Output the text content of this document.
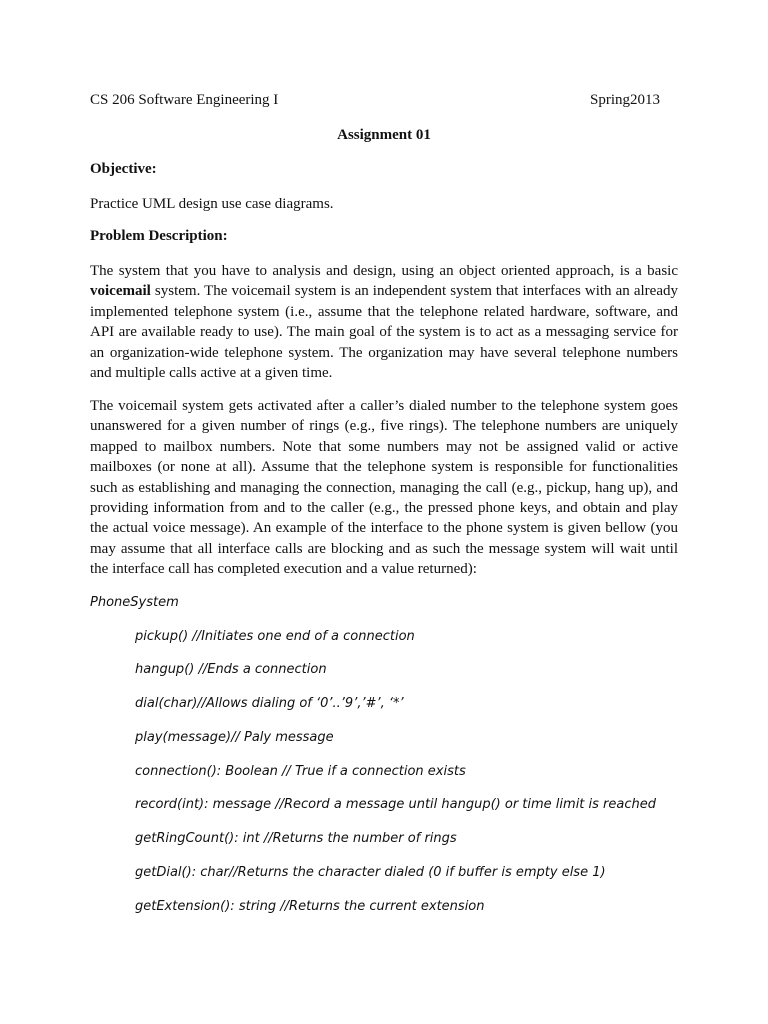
CS 206 Software Engineering I	Spring2013
Assignment 01
Objective:
Practice UML design use case diagrams.
Problem Description:
The system that you have to analysis and design, using an object oriented approach, is a basic
voicemail system. The voicemail system is an independent system that interfaces with an already
implemented telephone system (i.e., assume that the telephone related hardware, software, and
API are available ready to use). The main goal of the system is to act as a messaging service for
an organization-wide telephone system. The organization may have several telephone numbers
and multiple calls active at a given time.
The voicemail system gets activated after a caller’s dialed number to the telephone system goes
unanswered for a given number of rings (e.g., five rings). The telephone numbers are uniquely
mapped to mailbox numbers. Note that some numbers may not be assigned valid or active
mailboxes (or none at all). Assume that the telephone system is responsible for functionalities
such as establishing and managing the connection, managing the call (e.g., pickup, hang up), and
providing information from and to the caller (e.g., the pressed phone keys, and obtain and play
the actual voice message). An example of the interface to the phone system is given bellow (you
may assume that all interface calls are blocking and as such the message system will wait until
the interface call has completed execution and a value returned):
PhoneSystem
pickup() //Initiates one end of a connection
hangup() //Ends a connection
dial(char)//Allows dialing of ‘0’..’9’,’#’, ‘*’
play(message)// Paly message
connection(): Boolean // True if a connection exists
record(int): message //Record a message until hangup() or time limit is reached
getRingCount(): int //Returns the number of rings
getDial(): char//Returns the character dialed (0 if buffer is empty else 1)
getExtension(): string //Returns the current extension
